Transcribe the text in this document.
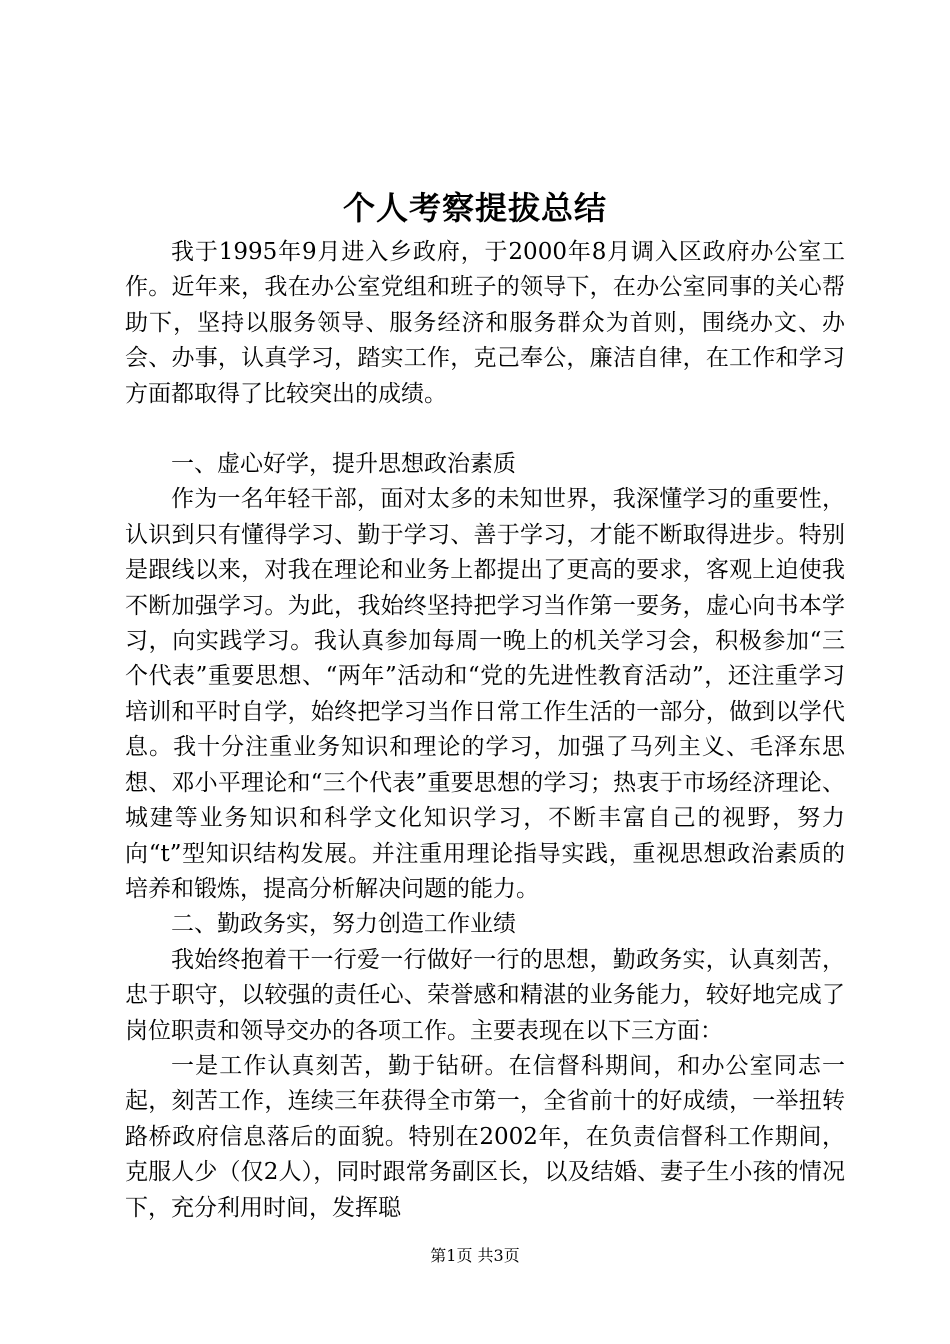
个人考察提拔总结

我于1995年9月进入乡政府，于2000年8月调入区政府办公室工作。近年来，我在办公室党组和班子的领导下，在办公室同事的关心帮助下，坚持以服务领导、服务经济和服务群众为首则，围绕办文、办会、办事，认真学习，踏实工作，克己奉公，廉洁自律，在工作和学习方面都取得了比较突出的成绩。

一、虚心好学，提升思想政治素质

作为一名年轻干部，面对太多的未知世界，我深懂学习的重要性，认识到只有懂得学习、勤于学习、善于学习，才能不断取得进步。特别是跟线以来，对我在理论和业务上都提出了更高的要求，客观上迫使我不断加强学习。为此，我始终坚持把学习当作第一要务，虚心向书本学习，向实践学习。我认真参加每周一晚上的机关学习会，积极参加“三个代表”重要思想、“两年”活动和“党的先进性教育活动”，还注重学习培训和平时自学，始终把学习当作日常工作生活的一部分，做到以学代息。我十分注重业务知识和理论的学习，加强了马列主义、毛泽东思想、邓小平理论和“三个代表”重要思想的学习；热衷于市场经济理论、城建等业务知识和科学文化知识学习，不断丰富自己的视野，努力向“t”型知识结构发展。并注重用理论指导实践，重视思想政治素质的培养和锻炼，提高分析解决问题的能力。

二、勤政务实，努力创造工作业绩

我始终抱着干一行爱一行做好一行的思想，勤政务实，认真刻苦，忠于职守，以较强的责任心、荣誉感和精湛的业务能力，较好地完成了岗位职责和领导交办的各项工作。主要表现在以下三方面：

一是工作认真刻苦，勤于钻研。在信督科期间，和办公室同志一起，刻苦工作，连续三年获得全市第一，全省前十的好成绩，一举扭转路桥政府信息落后的面貌。特别在2002年，在负责信督科工作期间，克服人少（仅2人），同时跟常务副区长，以及结婚、妻子生小孩的情况下，充分利用时间，发挥聪

第1页 共3页
